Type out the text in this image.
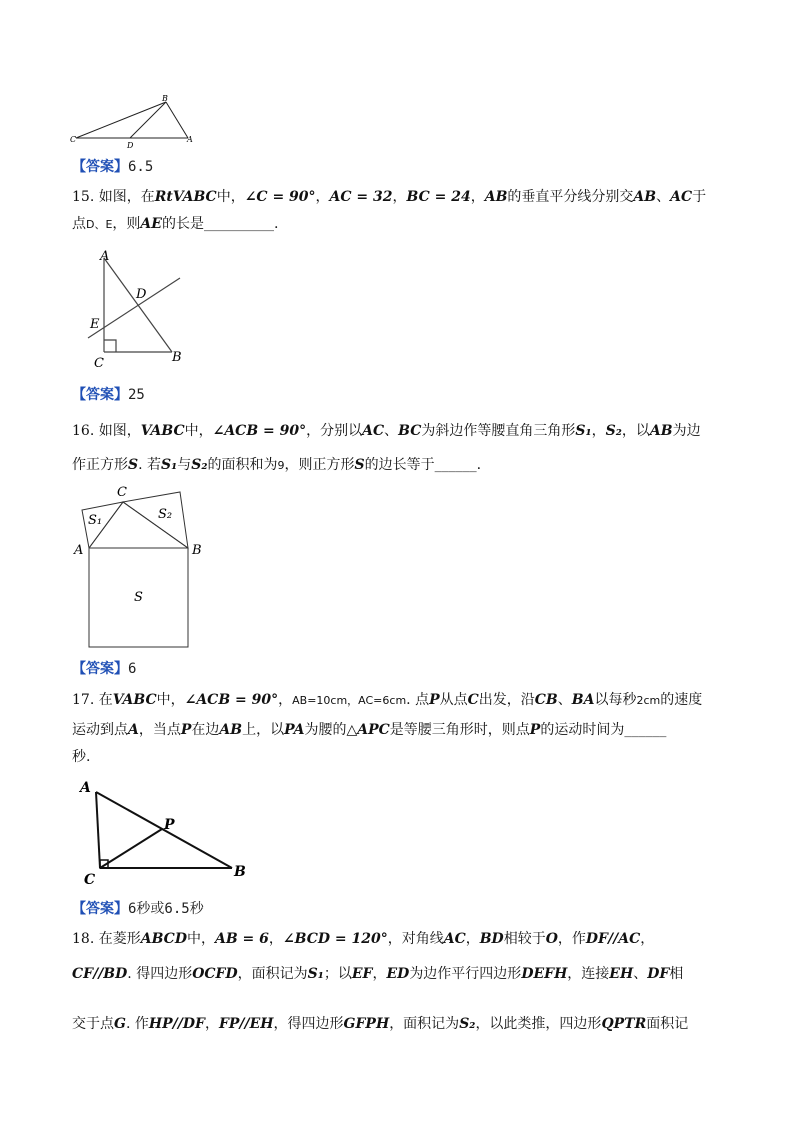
B
C
D
A
【答案】6.5
15. 如图，在RtVABC中，∠C = 90°，AC = 32，BC = 24，AB的垂直平分线分别交AB、AC于
点D、E，则AE的长是__________.
A
D
E
C	B
【答案】25
16. 如图，VABC中，∠ACB = 90°，分别以AC、BC为斜边作等腰直角三角形S₁，S₂，以AB为边
作正方形S. 若S₁与S₂的面积和为9，则正方形S的边长等于______.
C
S₁	S₂
A	B
S
【答案】6
17. 在VABC中，∠ACB = 90°，AB=10cm，AC=6cm. 点P从点C出发，沿CB、BA以每秒2cm的速度
运动到点A，当点P在边AB上，以PA为腰的△APC是等腰三角形时，则点P的运动时间为______
秒.
A
P
C	B
【答案】6秒或6.5秒
18. 在菱形ABCD中，AB = 6，∠BCD = 120°，对角线AC，BD相较于O，作DF//AC，
CF//BD. 得四边形OCFD，面积记为S₁；以EF，ED为边作平行四边形DEFH，连接EH、DF相
交于点G. 作HP//DF，FP//EH，得四边形GFPH，面积记为S₂，以此类推，四边形QPTR面积记
